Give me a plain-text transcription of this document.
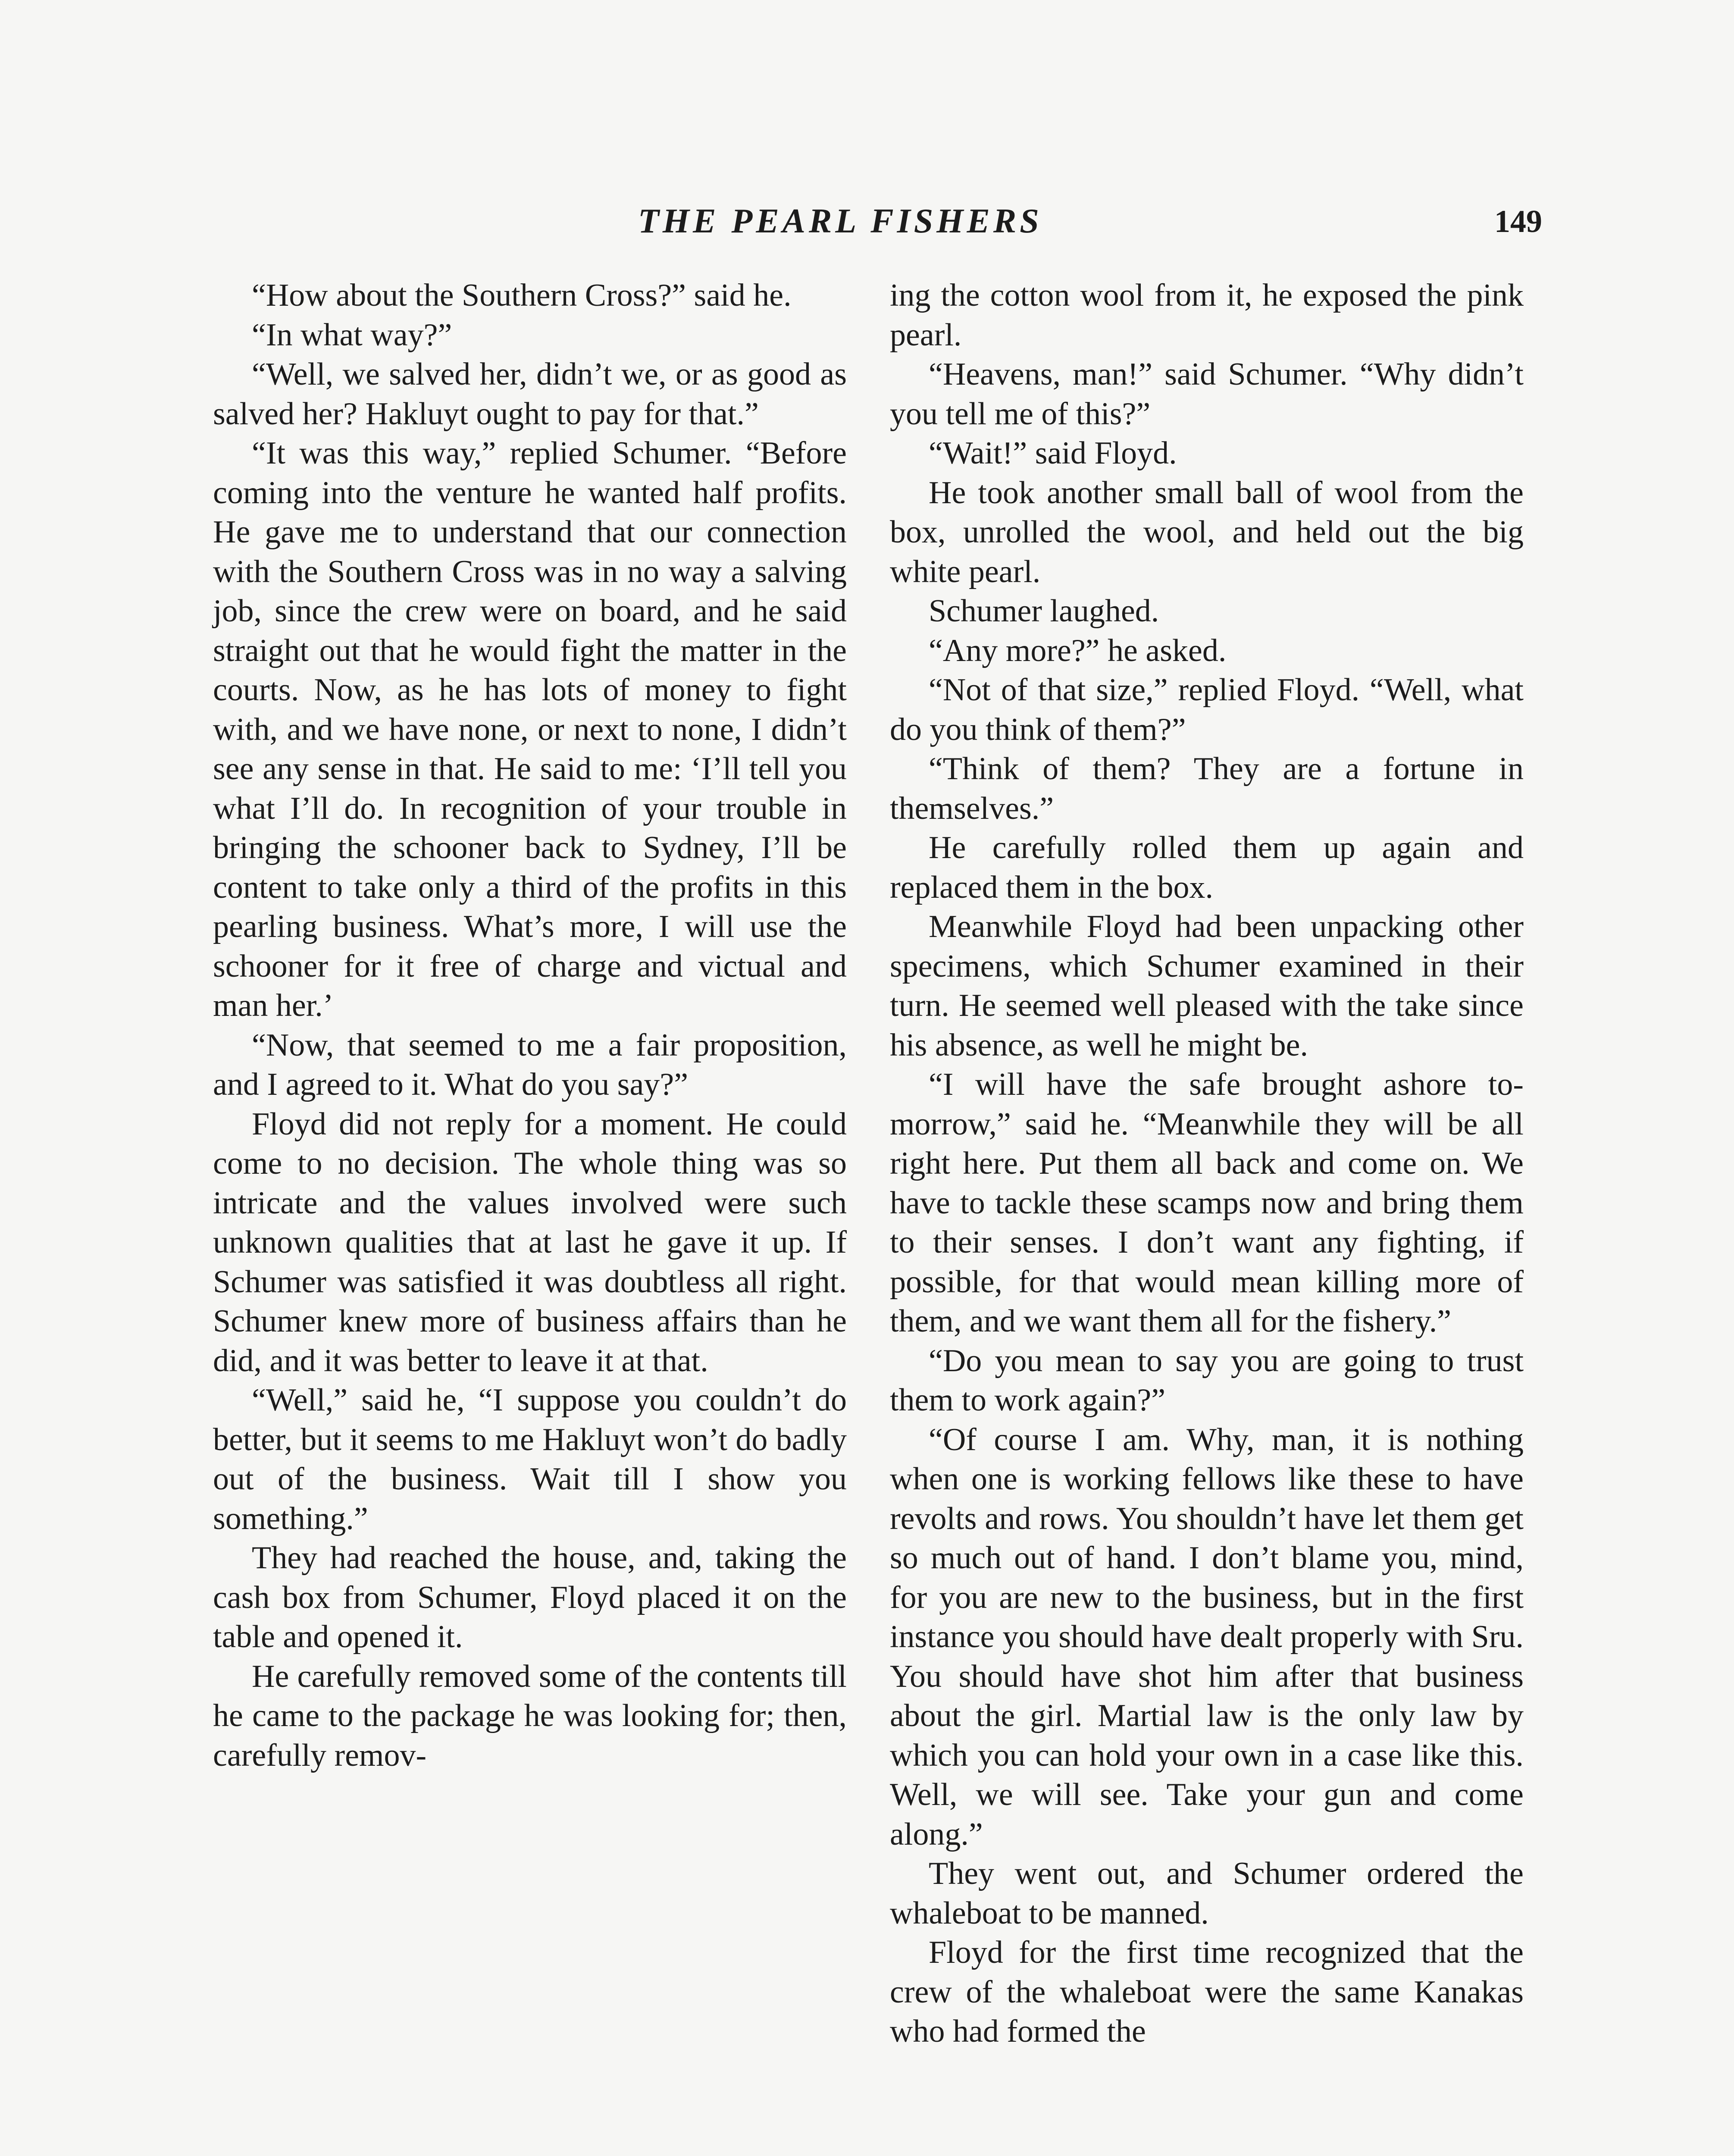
THE PEARL FISHERS	149

“How about the Southern Cross?” said he.

“In what way?”

“Well, we salved her, didn’t we, or as good as salved her? Hakluyt ought to pay for that.”

“It was this way,” replied Schumer. “Before coming into the venture he wanted half profits. He gave me to understand that our connection with the Southern Cross was in no way a salving job, since the crew were on board, and he said straight out that he would fight the matter in the courts. Now, as he has lots of money to fight with, and we have none, or next to none, I didn’t see any sense in that. He said to me: ‘I’ll tell you what I’ll do. In recognition of your trouble in bringing the schooner back to Sydney, I’ll be content to take only a third of the profits in this pearling business. What’s more, I will use the schooner for it free of charge and victual and man her.’

“Now, that seemed to me a fair proposition, and I agreed to it. What do you say?”

Floyd did not reply for a moment. He could come to no decision. The whole thing was so intricate and the values involved were such unknown qualities that at last he gave it up. If Schumer was satisfied it was doubtless all right. Schumer knew more of business affairs than he did, and it was better to leave it at that.

“Well,” said he, “I suppose you couldn’t do better, but it seems to me Hakluyt won’t do badly out of the business. Wait till I show you something.”

They had reached the house, and, taking the cash box from Schumer, Floyd placed it on the table and opened it.

He carefully removed some of the contents till he came to the package he was looking for; then, carefully remov-

ing the cotton wool from it, he exposed the pink pearl.

“Heavens, man!” said Schumer. “Why didn’t you tell me of this?”

“Wait!” said Floyd.

He took another small ball of wool from the box, unrolled the wool, and held out the big white pearl.

Schumer laughed.

“Any more?” he asked.

“Not of that size,” replied Floyd. “Well, what do you think of them?”

“Think of them? They are a fortune in themselves.”

He carefully rolled them up again and replaced them in the box.

Meanwhile Floyd had been unpacking other specimens, which Schumer examined in their turn. He seemed well pleased with the take since his absence, as well he might be.

“I will have the safe brought ashore to-morrow,” said he. “Meanwhile they will be all right here. Put them all back and come on. We have to tackle these scamps now and bring them to their senses. I don’t want any fighting, if possible, for that would mean killing more of them, and we want them all for the fishery.”

“Do you mean to say you are going to trust them to work again?”

“Of course I am. Why, man, it is nothing when one is working fellows like these to have revolts and rows. You shouldn’t have let them get so much out of hand. I don’t blame you, mind, for you are new to the business, but in the first instance you should have dealt properly with Sru. You should have shot him after that business about the girl. Martial law is the only law by which you can hold your own in a case like this. Well, we will see. Take your gun and come along.”

They went out, and Schumer ordered the whaleboat to be manned.

Floyd for the first time recognized that the crew of the whaleboat were the same Kanakas who had formed the
